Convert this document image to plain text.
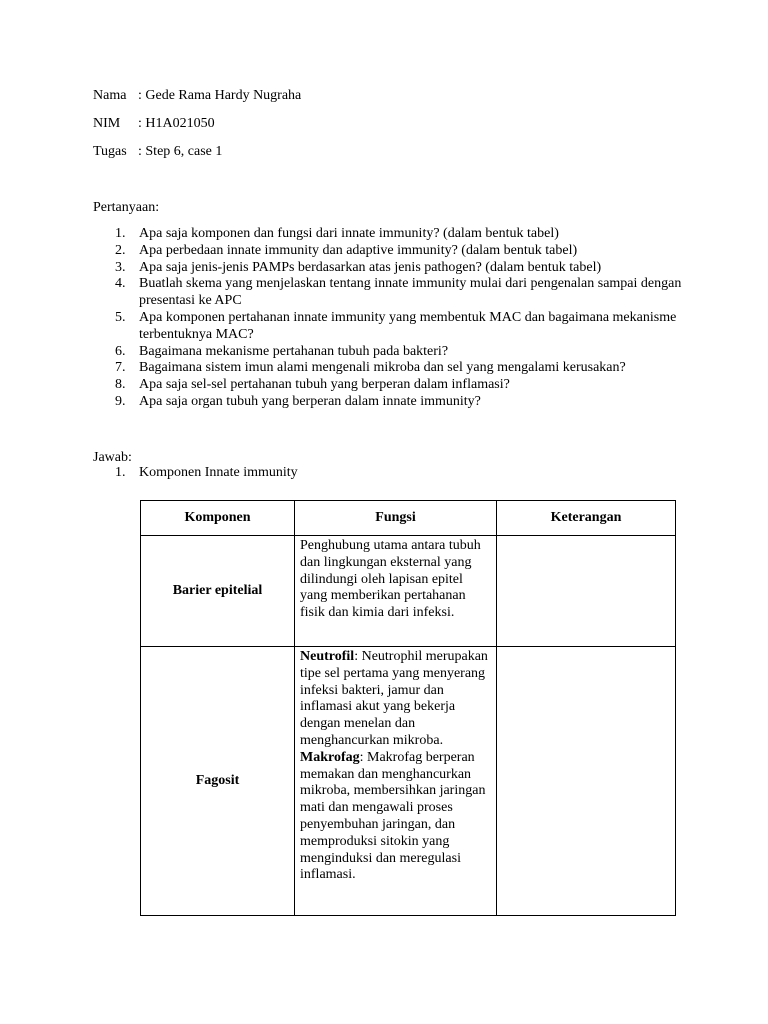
Nama : Gede Rama Hardy Nugraha
NIM : H1A021050
Tugas : Step 6, case 1
Pertanyaan:
1. Apa saja komponen dan fungsi dari innate immunity? (dalam bentuk tabel)
2. Apa perbedaan innate immunity dan adaptive immunity? (dalam bentuk tabel)
3. Apa saja jenis-jenis PAMPs berdasarkan atas jenis pathogen? (dalam bentuk tabel)
4. Buatlah skema yang menjelaskan tentang innate immunity mulai dari pengenalan sampai dengan presentasi ke APC
5. Apa komponen pertahanan innate immunity yang membentuk MAC dan bagaimana mekanisme terbentuknya MAC?
6. Bagaimana mekanisme pertahanan tubuh pada bakteri?
7. Bagaimana sistem imun alami mengenali mikroba dan sel yang mengalami kerusakan?
8. Apa saja sel-sel pertahanan tubuh yang berperan dalam inflamasi?
9. Apa saja organ tubuh yang berperan dalam innate immunity?
Jawab:
1. Komponen Innate immunity
Komponen	Fungsi	Keterangan
Barier epitelial	Penghubung utama antara tubuh dan lingkungan eksternal yang dilindungi oleh lapisan epitel yang memberikan pertahanan fisik dan kimia dari infeksi.	
Fagosit	Neutrofil: Neutrophil merupakan tipe sel pertama yang menyerang infeksi bakteri, jamur dan inflamasi akut yang bekerja dengan menelan dan menghancurkan mikroba.
Makrofag: Makrofag berperan memakan dan menghancurkan mikroba, membersihkan jaringan mati dan mengawali proses penyembuhan jaringan, dan memproduksi sitokin yang menginduksi dan meregulasi inflamasi.	
